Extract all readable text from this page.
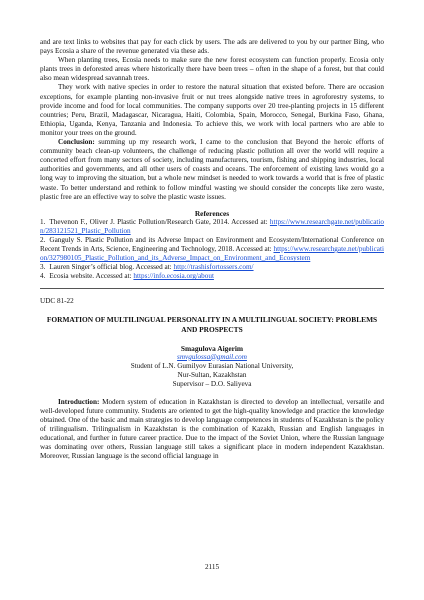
and are text links to websites that pay for each click by users. The ads are delivered to you by our partner Bing, who pays Ecosia a share of the revenue generated via these ads.

When planting trees, Ecosia needs to make sure the new forest ecosystem can function properly. Ecosia only plants trees in deforested areas where historically there have been trees – often in the shape of a forest, but that could also mean widespread savannah trees.

They work with native species in order to restore the natural situation that existed before. There are occasion exceptions, for example planting non-invasive fruit or nut trees alongside native trees in agroforestry systems, to provide income and food for local communities. The company supports over 20 tree-planting projects in 15 different countries; Peru, Brazil, Madagascar, Nicaragua, Haiti, Colombia, Spain, Morocco, Senegal, Burkina Faso, Ghana, Ethiopia, Uganda, Kenya, Tanzania and Indonesia. To achieve this, we work with local partners who are able to monitor your trees on the ground.

Conclusion: summing up my research work, I came to the conclusion that Beyond the heroic efforts of community beach clean-up volunteers, the challenge of reducing plastic pollution all over the world will require a concerted effort from many sectors of society, including manufacturers, tourism, fishing and shipping industries, local authorities and governments, and all other users of coasts and oceans. The enforcement of existing laws would go a long way to improving the situation, but a whole new mindset is needed to work towards a world that is free of plastic waste. To better understand and rethink to follow mindful wasting we should consider the concepts like zero waste, plastic free are an effective way to solve the plastic waste issues.

References
1. Thevenon F., Oliver J. Plastic Pollution/Research Gate, 2014. Accessed at: https://www.researchgate.net/publication/283121521_Plastic_Pollution
2. Ganguly S. Plastic Pollution and its Adverse Impact on Environment and Ecosystem/International Conference on Recent Trends in Arts, Science, Engineering and Technology, 2018. Accessed at: https://www.researchgate.net/publication/327980105_Plastic_Pollution_and_its_Adverse_Impact_on_Environment_and_Ecosystem
3. Lauren Singer’s official blog. Accessed at: http://trashisfortossers.com/
4. Ecosia website. Accessed at: https://info.ecosia.org/about
UDC 81-22
FORMATION OF MULTILINGUAL PERSONALITY IN A MULTILINGUAL SOCIETY: PROBLEMS AND PROSPECTS
Smagulova Aigerim
smvgulossa@gmail.com
Student of L.N. Gumilyov Eurasian National University,
Nur-Sultan, Kazakhstan
Supervisor – D.O. Saliyeva

Introduction: Modern system of education in Kazakhstan is directed to develop an intellectual, versatile and well-developed future community. Students are oriented to get the high-quality knowledge and practice the knowledge obtained. One of the basic and main strategies to develop language competences in students of Kazakhstan is the policy of trilingualism. Trilingualism in Kazakhstan is the combination of Kazakh, Russian and English languages in educational, and further in future career practice. Due to the impact of the Soviet Union, where the Russian language was dominating over others, Russian language still takes a significant place in modern independent Kazakhstan. Moreover, Russian language is the second official language in

2115
